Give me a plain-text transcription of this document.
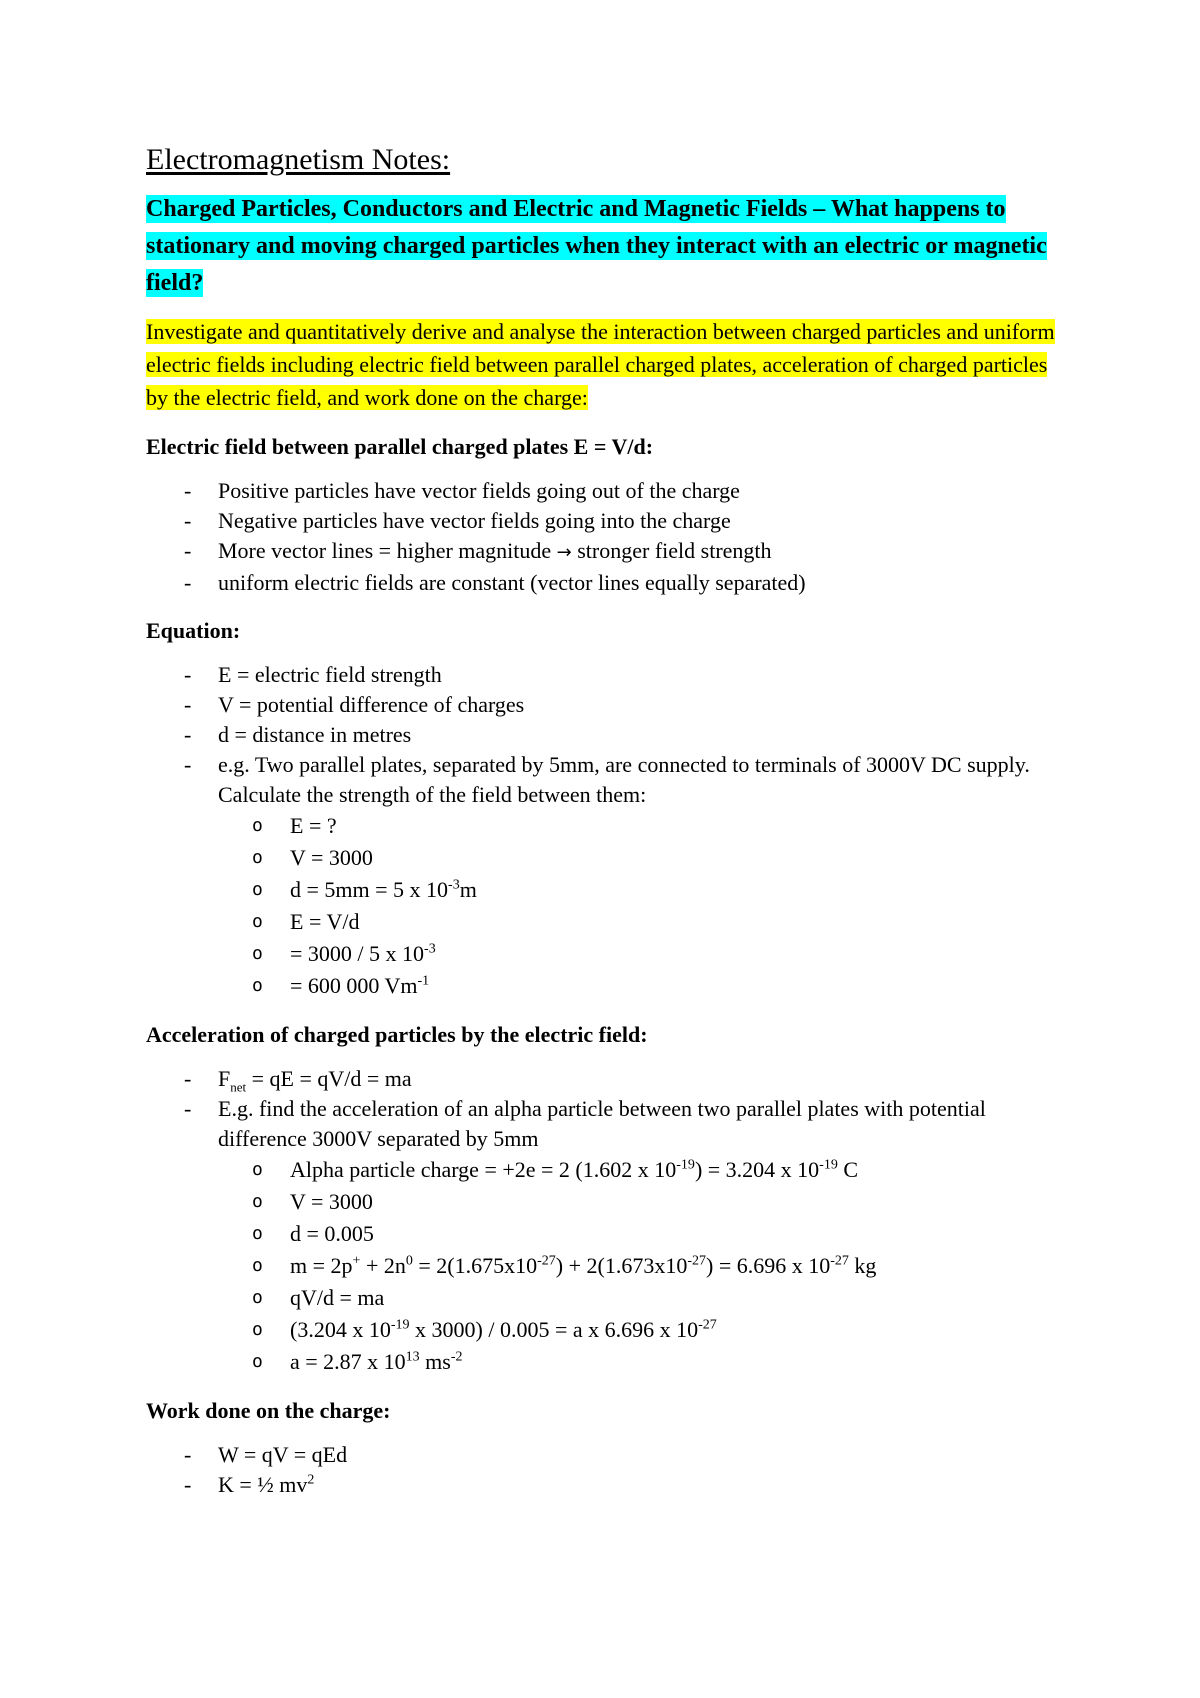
Electromagnetism Notes:
Charged Particles, Conductors and Electric and Magnetic Fields – What happens to stationary and moving charged particles when they interact with an electric or magnetic field?
Investigate and quantitatively derive and analyse the interaction between charged particles and uniform electric fields including electric field between parallel charged plates, acceleration of charged particles by the electric field, and work done on the charge:
Electric field between parallel charged plates E = V/d:
- Positive particles have vector fields going out of the charge
- Negative particles have vector fields going into the charge
- More vector lines = higher magnitude → stronger field strength
- uniform electric fields are constant (vector lines equally separated)
Equation:
- E = electric field strength
- V = potential difference of charges
- d = distance in metres
- e.g. Two parallel plates, separated by 5mm, are connected to terminals of 3000V DC supply. Calculate the strength of the field between them:
o E = ?
o V = 3000
o d = 5mm = 5 x $10^{-3}m$
o E = V/d
o = 3000 / 5 x $10^{-3}$
o = 600 000 $Vm^{-1}$
Acceleration of charged particles by the electric field:
- $F_{net}$ = qE = qV/d = ma
- E.g. find the acceleration of an alpha particle between two parallel plates with potential difference 3000V separated by 5mm
o Alpha particle charge = +2e = 2 (1.602 x $10^{-19}) = 3.204$ x $10^{-19}$ C
o V = 3000
o d = 0.005
o $m = 2p^+ + 2n^0 = 2(1.675x10^{-27}) + 2(1.673x10^{-27}) = 6.696$ x $10^{-27}$ kg
o qV/d = ma
o (3.204 x $10^{-19}$ x 3000) / 0.005 = a x 6.696 x $10^{-27}$
o a = 2.87 x $10^{13}$ $ms^{-2}$
Work done on the charge:
- W = qV = qEd
- K = ½ $mv^2$
